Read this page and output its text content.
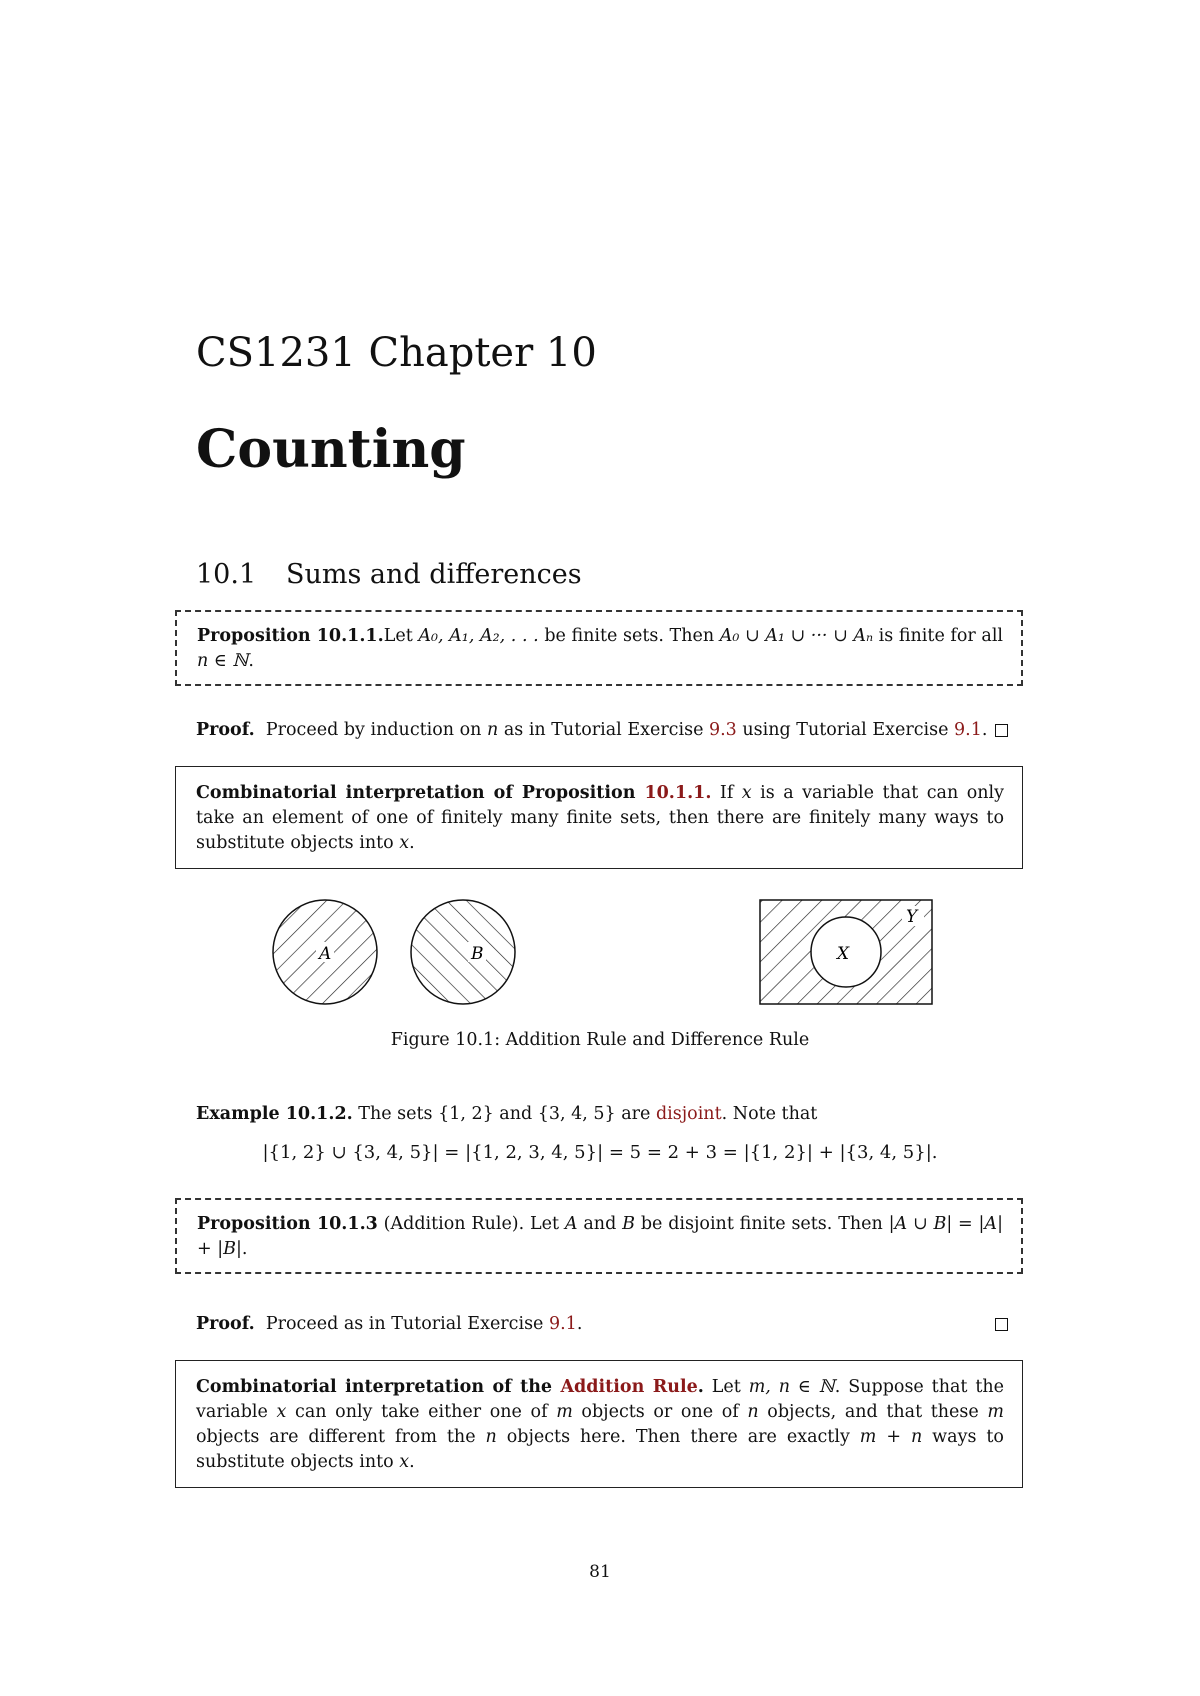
CS1231 Chapter 10
Counting
10.1 Sums and differences
Proposition 10.1.1.Let A₀, A₁, A₂, . . . be finite sets. Then A₀ ∪ A₁ ∪ ··· ∪ Aₙ is finite for all n ∈ ℕ.
Proof. Proceed by induction on n as in Tutorial Exercise 9.3 using Tutorial Exercise 9.1.
Combinatorial interpretation of Proposition 10.1.1. If x is a variable that can only take an element of one of finitely many finite sets, then there are finitely many ways to substitute objects into x.
A	B
Y
X
Figure 10.1: Addition Rule and Difference Rule
Example 10.1.2. The sets {1, 2} and {3, 4, 5} are disjoint. Note that
|{1, 2} ∪ {3, 4, 5}| = |{1, 2, 3, 4, 5}| = 5 = 2 + 3 = |{1, 2}| + |{3, 4, 5}|.
Proposition 10.1.3 (Addition Rule). Let A and B be disjoint finite sets. Then |A ∪ B| = |A| + |B|.
Proof. Proceed as in Tutorial Exercise 9.1.
Combinatorial interpretation of the Addition Rule. Let m, n ∈ ℕ. Suppose that the variable x can only take either one of m objects or one of n objects, and that these m objects are different from the n objects here. Then there are exactly m + n ways to substitute objects into x.
81
